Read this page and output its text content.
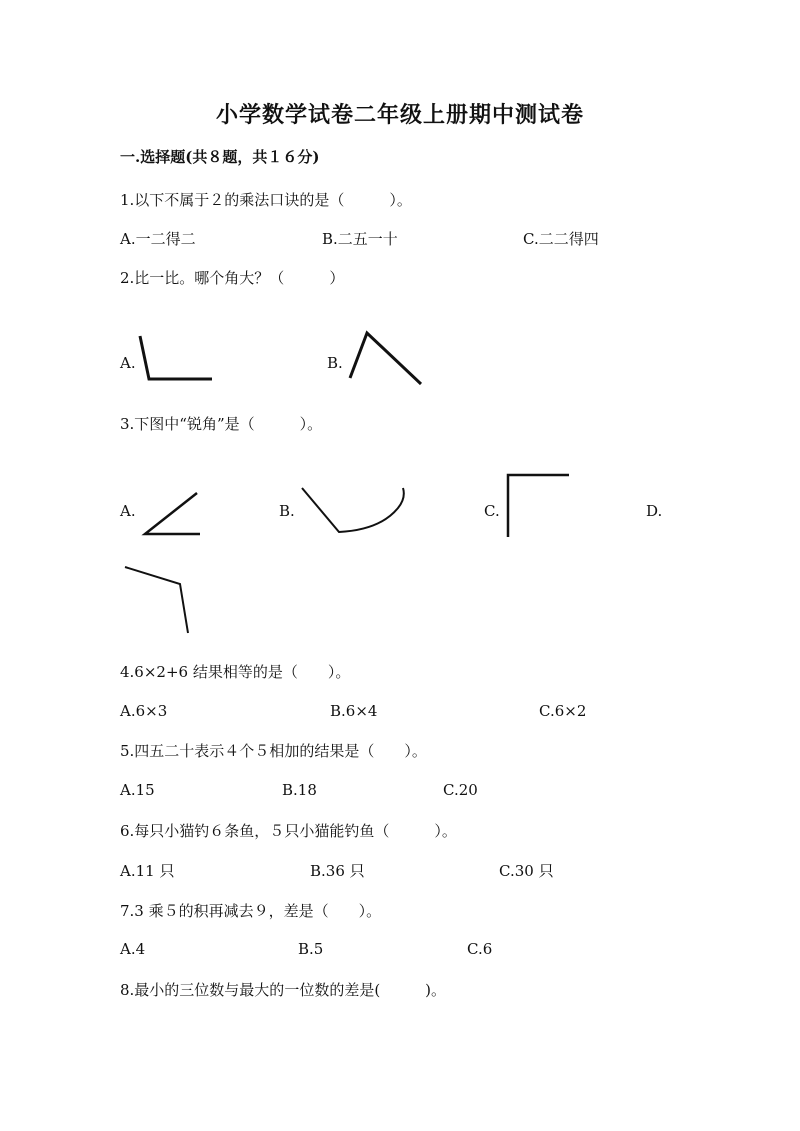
小学数学试卷二年级上册期中测试卷
一.选择题(共８题，共１６分)
1.以下不属于２的乘法口诀的是（　　　）。
A.一二得二	B.二五一十	C.二二得四
2.比一比。哪个角大？（　　　）
A.	B.
3.下图中“锐角”是（　　　）。
A.	B.	C.	D.
4.6×2+6 结果相等的是（　　）。
A.6×3	B.6×4	C.6×2
5.四五二十表示４个５相加的结果是（　　）。
A.15	B.18	C.20
6.每只小猫钓６条鱼，５只小猫能钓鱼（　　　）。
A.11 只	B.36 只	C.30 只
7.3 乘５的积再减去９，差是（　　）。
A.4	B.5	C.6
8.最小的三位数与最大的一位数的差是(　　　)。
